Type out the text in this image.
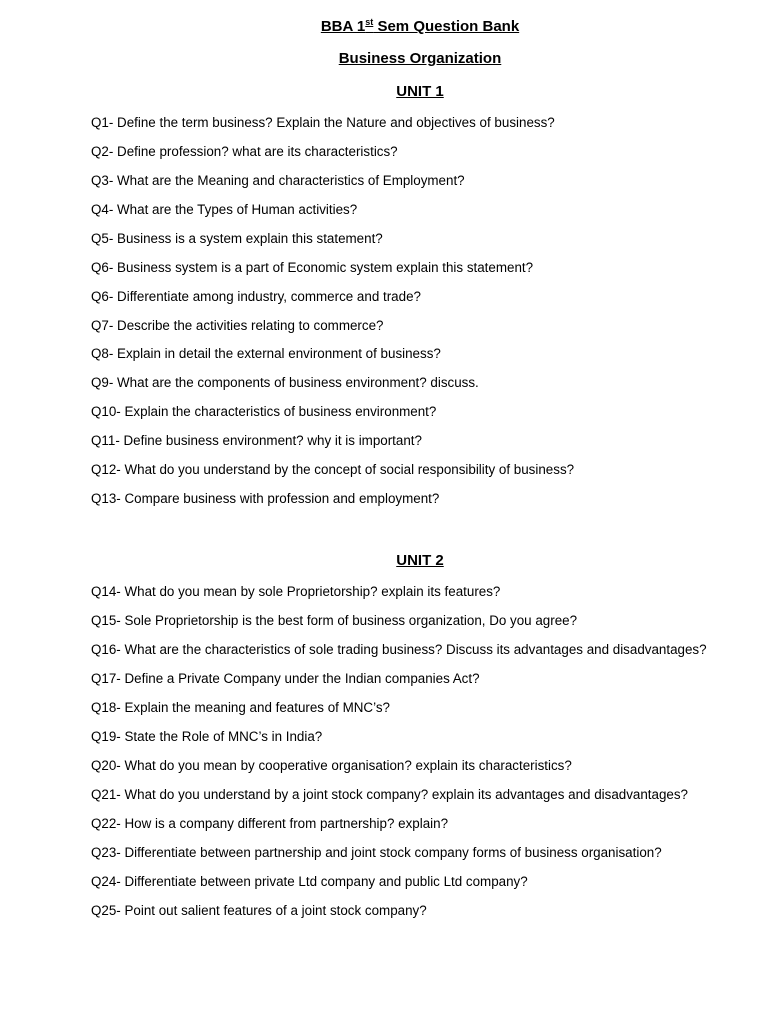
BBA 1st Sem Question Bank
Business Organization
UNIT 1
Q1- Define the term business? Explain the Nature and objectives of business?
Q2- Define profession? what are its characteristics?
Q3- What are the Meaning and characteristics of Employment?
Q4- What are the Types of Human activities?
Q5- Business is a system explain this statement?
Q6- Business system is a part of Economic system explain this statement?
Q6- Differentiate among industry, commerce and trade?
Q7- Describe the activities relating to commerce?
Q8- Explain in detail the external environment of business?
Q9- What are the components of business environment? discuss.
Q10- Explain the characteristics of business environment?
Q11- Define business environment? why it is important?
Q12- What do you understand by the concept of social responsibility of business?
Q13- Compare business with profession and employment?
UNIT 2
Q14- What do you mean by sole Proprietorship? explain its features?
Q15- Sole Proprietorship is the best form of business organization, Do you agree?
Q16- What are the characteristics of sole trading business? Discuss its advantages and disadvantages?
Q17- Define a Private Company under the Indian companies Act?
Q18- Explain the meaning and features of MNC’s?
Q19- State the Role of MNC’s in India?
Q20- What do you mean by cooperative organisation? explain its characteristics?
Q21- What do you understand by a joint stock company? explain its advantages and disadvantages?
Q22- How is a company different from partnership? explain?
Q23- Differentiate between partnership and joint stock company forms of business organisation?
Q24- Differentiate between private Ltd company and public Ltd company?
Q25- Point out salient features of a joint stock company?
